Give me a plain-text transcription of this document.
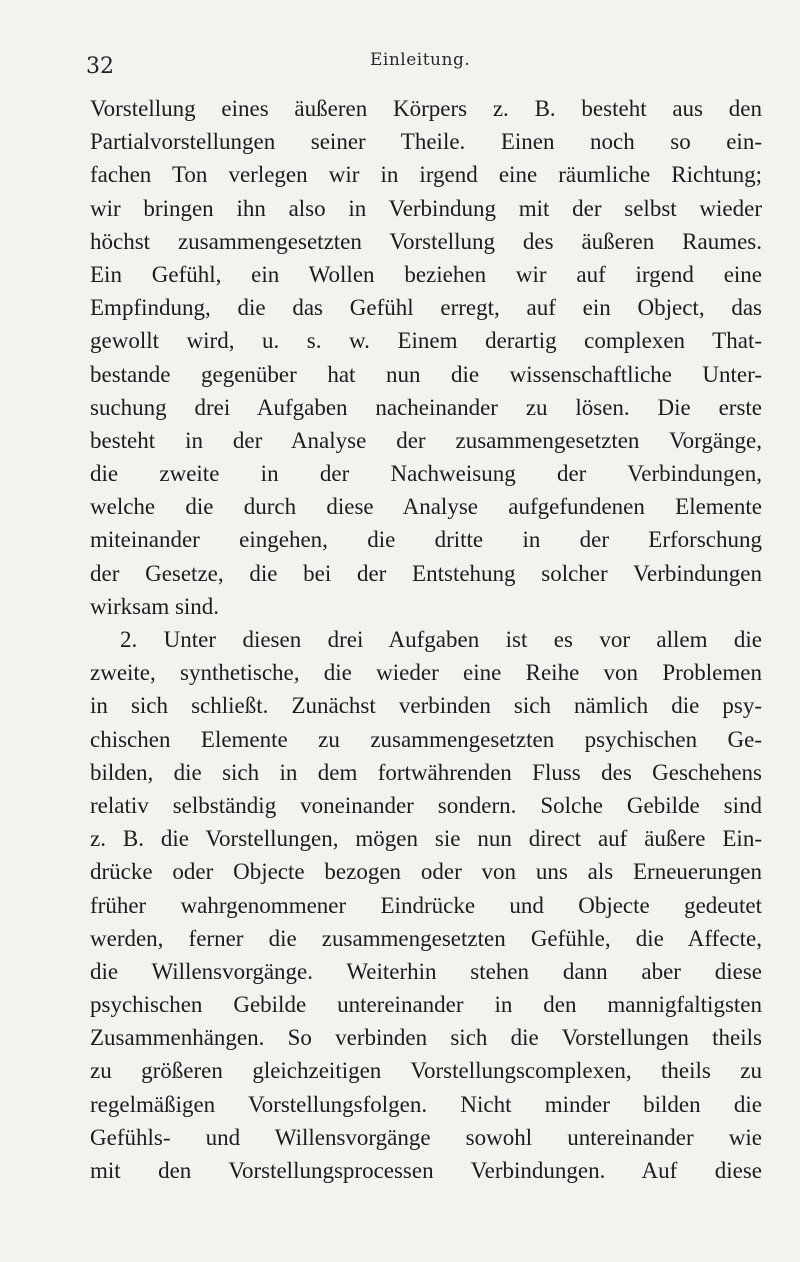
32	Einleitung.
Vorstellung eines äußeren Körpers z. B. besteht aus den
Partialvorstellungen seiner Theile. Einen noch so ein-
fachen Ton verlegen wir in irgend eine räumliche Richtung;
wir bringen ihn also in Verbindung mit der selbst wieder
höchst zusammengesetzten Vorstellung des äußeren Raumes.
Ein Gefühl, ein Wollen beziehen wir auf irgend eine
Empfindung, die das Gefühl erregt, auf ein Object, das
gewollt wird, u. s. w. Einem derartig complexen That-
bestande gegenüber hat nun die wissenschaftliche Unter-
suchung drei Aufgaben nacheinander zu lösen. Die erste
besteht in der Analyse der zusammengesetzten Vorgänge,
die zweite in der Nachweisung der Verbindungen,
welche die durch diese Analyse aufgefundenen Elemente
miteinander eingehen, die dritte in der Erforschung
der Gesetze, die bei der Entstehung solcher Verbindungen
wirksam sind.
2. Unter diesen drei Aufgaben ist es vor allem die
zweite, synthetische, die wieder eine Reihe von Problemen
in sich schließt. Zunächst verbinden sich nämlich die psy-
chischen Elemente zu zusammengesetzten psychischen Ge-
bilden, die sich in dem fortwährenden Fluss des Geschehens
relativ selbständig voneinander sondern. Solche Gebilde sind
z. B. die Vorstellungen, mögen sie nun direct auf äußere Ein-
drücke oder Objecte bezogen oder von uns als Erneuerungen
früher wahrgenommener Eindrücke und Objecte gedeutet
werden, ferner die zusammengesetzten Gefühle, die Affecte,
die Willensvorgänge. Weiterhin stehen dann aber diese
psychischen Gebilde untereinander in den mannigfaltigsten
Zusammenhängen. So verbinden sich die Vorstellungen theils
zu größeren gleichzeitigen Vorstellungscomplexen, theils zu
regelmäßigen Vorstellungsfolgen. Nicht minder bilden die
Gefühls- und Willensvorgänge sowohl untereinander wie
mit den Vorstellungsprocessen Verbindungen. Auf diese
